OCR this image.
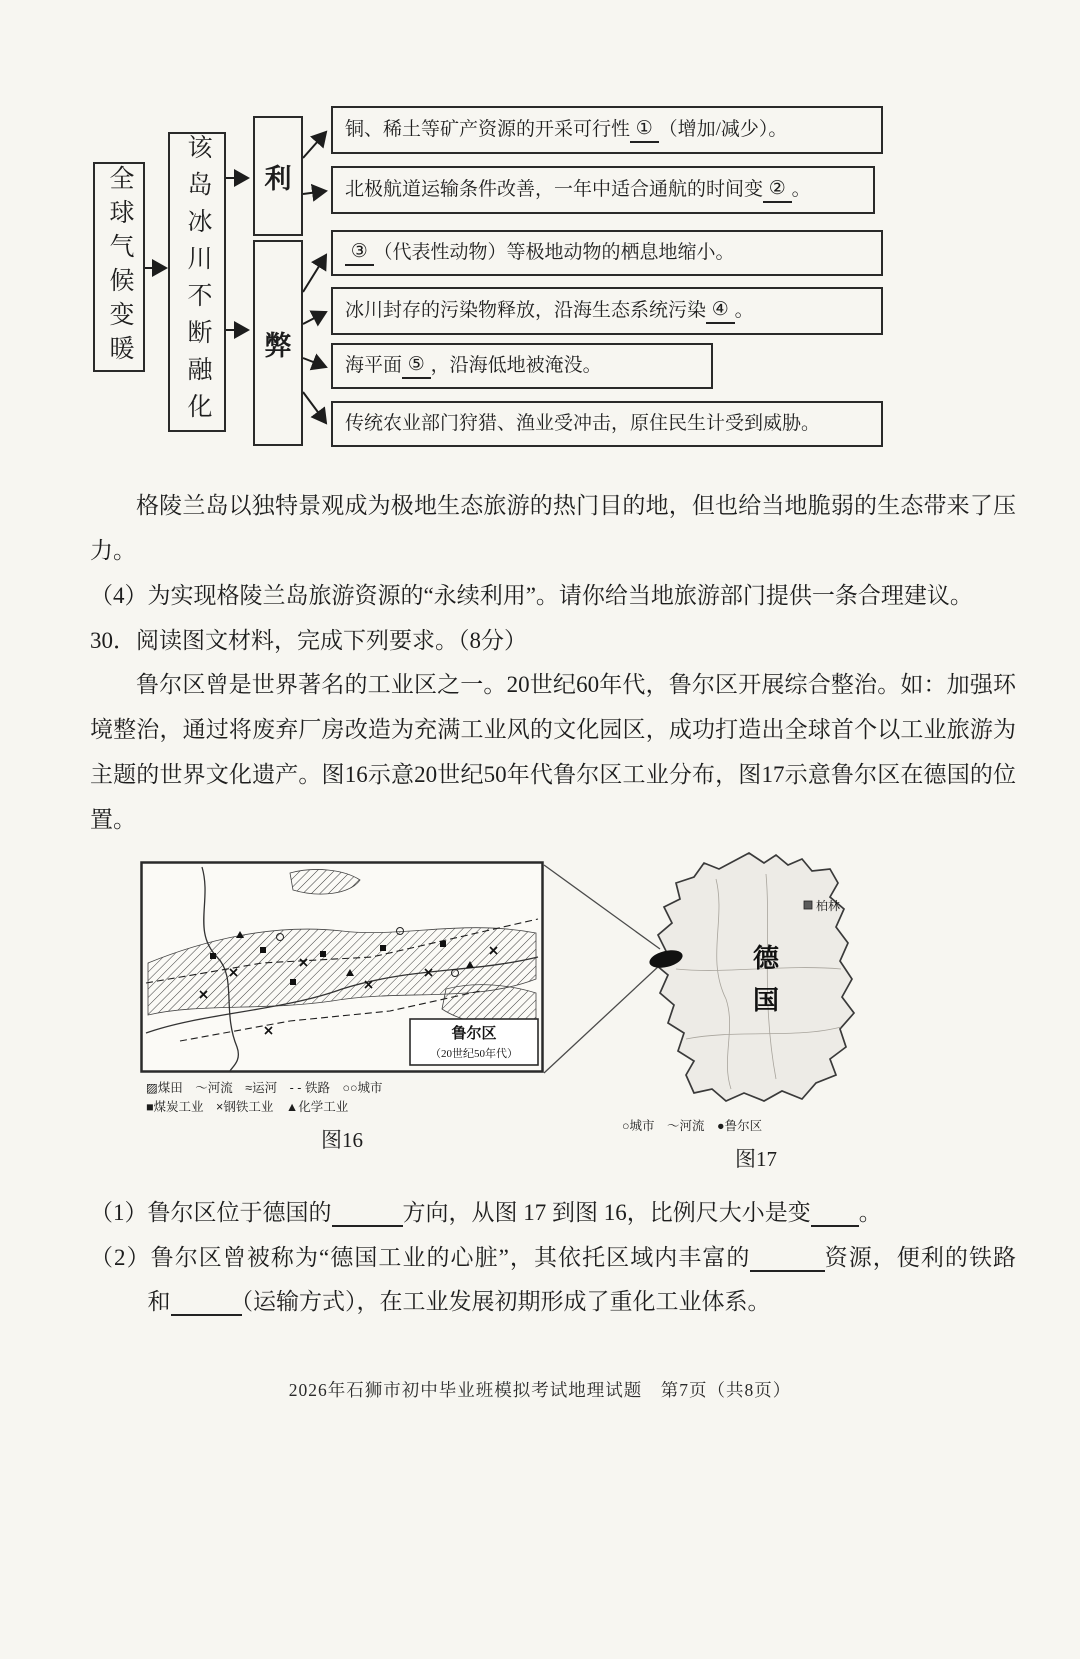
全球气候变暖	该岛冰川不断融化	利
弊
铜、稀土等矿产资源的开采可行性 ① （增加/减少）。
北极航道运输条件改善，一年中适合通航的时间变 ② 。
③ （代表性动物）等极地动物的栖息地缩小。
冰川封存的污染物释放，沿海生态系统污染 ④ 。
海平面 ⑤ ，沿海低地被淹没。
传统农业部门狩猎、渔业受冲击，原住民生计受到威胁。

格陵兰岛以独特景观成为极地生态旅游的热门目的地，但也给当地脆弱的生态带来了压力。

（4）为实现格陵兰岛旅游资源的“永续利用”。请你给当地旅游部门提供一条合理建议。

30．阅读图文材料，完成下列要求。（8分）

鲁尔区曾是世界著名的工业区之一。20世纪60年代，鲁尔区开展综合整治。如：加强环境整治，通过将废弃厂房改造为充满工业风的文化园区，成功打造出全球首个以工业旅游为主题的世界文化遗产。图16示意20世纪50年代鲁尔区工业分布，图17示意鲁尔区在德国的位置。

鲁尔区
（20世纪50年代）
▨煤田　～河流　≈运河　- - 铁路　○○城市
■煤炭工业　×钢铁工业　▲化学工业
图16
柏林
德国
○城市　～河流　●鲁尔区
图17

（1）鲁尔区位于德国的　　　	方向，从图 17 到图 16，比例尺大小是变　　 。

（2）鲁尔区曾被称为“德国工业的心脏”，其依托区域内丰富的　　　	资源，便利的铁路和　　　	（运输方式），在工业发展初期形成了重化工业体系。

2026年石狮市初中毕业班模拟考试地理试题　第7页（共8页）
